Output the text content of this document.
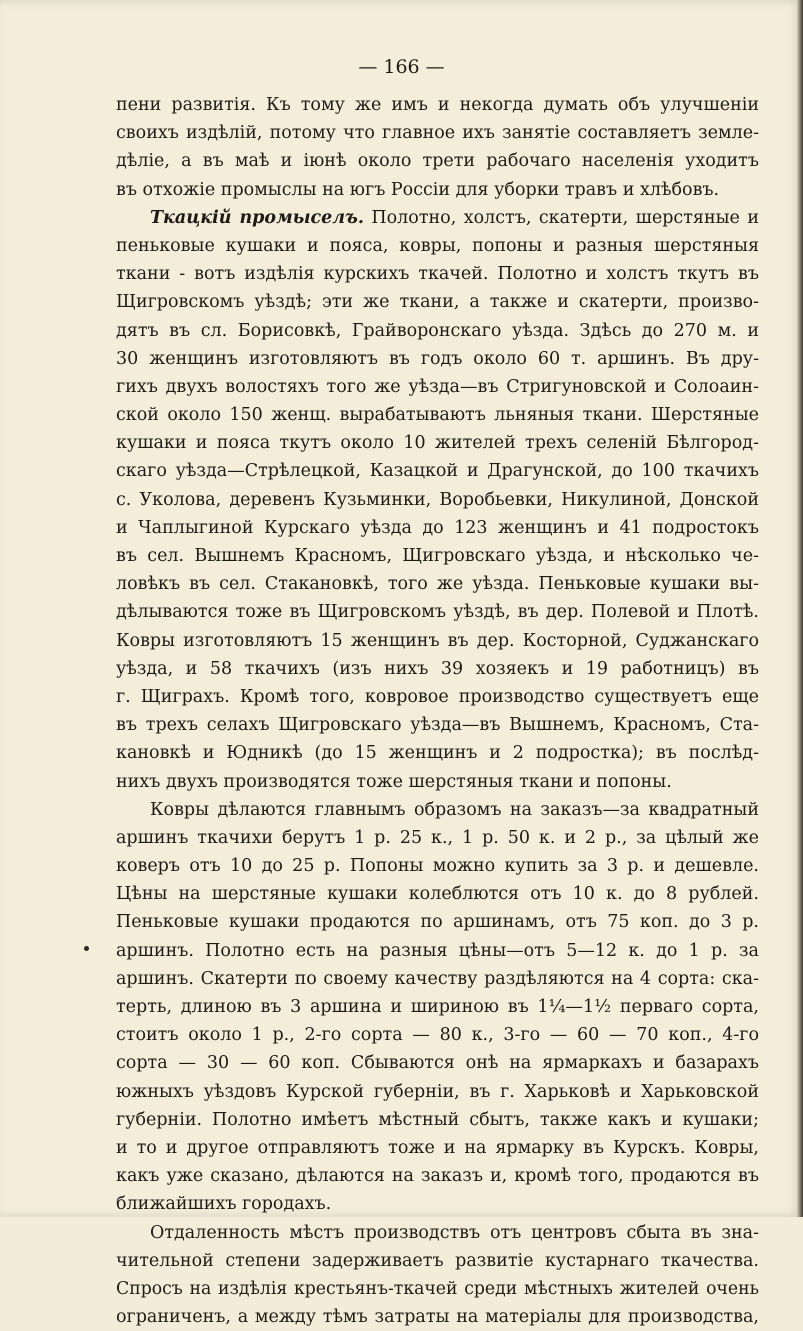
— 166 —
пени развитія. Къ тому же имъ и некогда думать объ улучшеніи
своихъ издѣлій, потому что главное ихъ занятіе составляетъ земле-
дѣліе, а въ маѣ и іюнѣ около трети рабочаго населенія уходитъ
въ отхожіе промыслы на югъ Россіи для уборки травъ и хлѣбовъ.
Ткацкій промыселъ. Полотно, холстъ, скатерти, шерстяные и
пеньковые кушаки и пояса, ковры, попоны и разныя шерстяныя
ткани - вотъ издѣлія курскихъ ткачей. Полотно и холстъ ткутъ въ
Щигровскомъ уѣздѣ; эти же ткани, а также и скатерти, произво-
дятъ въ сл. Борисовкѣ, Грайворонскаго уѣзда. Здѣсь до 270 м. и
30 женщинъ изготовляютъ въ годъ около 60 т. аршинъ. Въ дру-
гихъ двухъ волостяхъ того же уѣзда—въ Стригуновской и Солоаин-
ской около 150 женщ. вырабатываютъ льняныя ткани. Шерстяные
кушаки и пояса ткутъ около 10 жителей трехъ селеній Бѣлгород-
скаго уѣзда—Стрѣлецкой, Казацкой и Драгунской, до 100 ткачихъ
с. Уколова, деревенъ Кузьминки, Воробьевки, Никулиной, Донской
и Чаплыгиной Курскаго уѣзда до 123 женщинъ и 41 подростокъ
въ сел. Вышнемъ Красномъ, Щигровскаго уѣзда, и нѣсколько че-
ловѣкъ въ сел. Стакановкѣ, того же уѣзда. Пеньковые кушаки вы-
дѣлываются тоже въ Щигровскомъ уѣздѣ, въ дер. Полевой и Плотѣ.
Ковры изготовляютъ 15 женщинъ въ дер. Косторной, Суджанскаго
уѣзда, и 58 ткачихъ (изъ нихъ 39 хозяекъ и 19 работницъ) въ
г. Щиграхъ. Кромѣ того, ковровое производство существуетъ еще
въ трехъ селахъ Щигровскаго уѣзда—въ Вышнемъ, Красномъ, Ста-
кановкѣ и Юдникѣ (до 15 женщинъ и 2 подростка); въ послѣд-
нихъ двухъ производятся тоже шерстяныя ткани и попоны.
Ковры дѣлаются главнымъ образомъ на заказъ—за квадратный
аршинъ ткачихи берутъ 1 р. 25 к., 1 р. 50 к. и 2 р., за цѣлый же
коверъ отъ 10 до 25 р. Попоны можно купить за 3 р. и дешевле.
Цѣны на шерстяные кушаки колеблются отъ 10 к. до 8 рублей.
Пеньковые кушаки продаются по аршинамъ, отъ 75 коп. до 3 р.
аршинъ. Полотно есть на разныя цѣны—отъ 5—12 к. до 1 р. за
аршинъ. Скатерти по своему качеству раздѣляются на 4 сорта: ска-
терть, длиною въ 3 аршина и шириною въ 1¼—1½ перваго сорта,
стоитъ около 1 р., 2-го сорта — 80 к., 3-го — 60 — 70 коп., 4-го
сорта — 30 — 60 коп. Сбываются онѣ на ярмаркахъ и базарахъ
южныхъ уѣздовъ Курской губерніи, въ г. Харьковѣ и Харьковской
губерніи. Полотно имѣетъ мѣстный сбытъ, также какъ и кушаки;
и то и другое отправляютъ тоже и на ярмарку въ Курскъ. Ковры,
какъ уже сказано, дѣлаются на заказъ и, кромѣ того, продаются въ
ближайшихъ городахъ.
Отдаленность мѣстъ производствъ отъ центровъ сбыта въ зна-
чительной степени задерживаетъ развитіе кустарнаго ткачества.
Спросъ на издѣлія крестьянъ-ткачей среди мѣстныхъ жителей очень
ограниченъ, а между тѣмъ затраты на матеріалы для производства,
